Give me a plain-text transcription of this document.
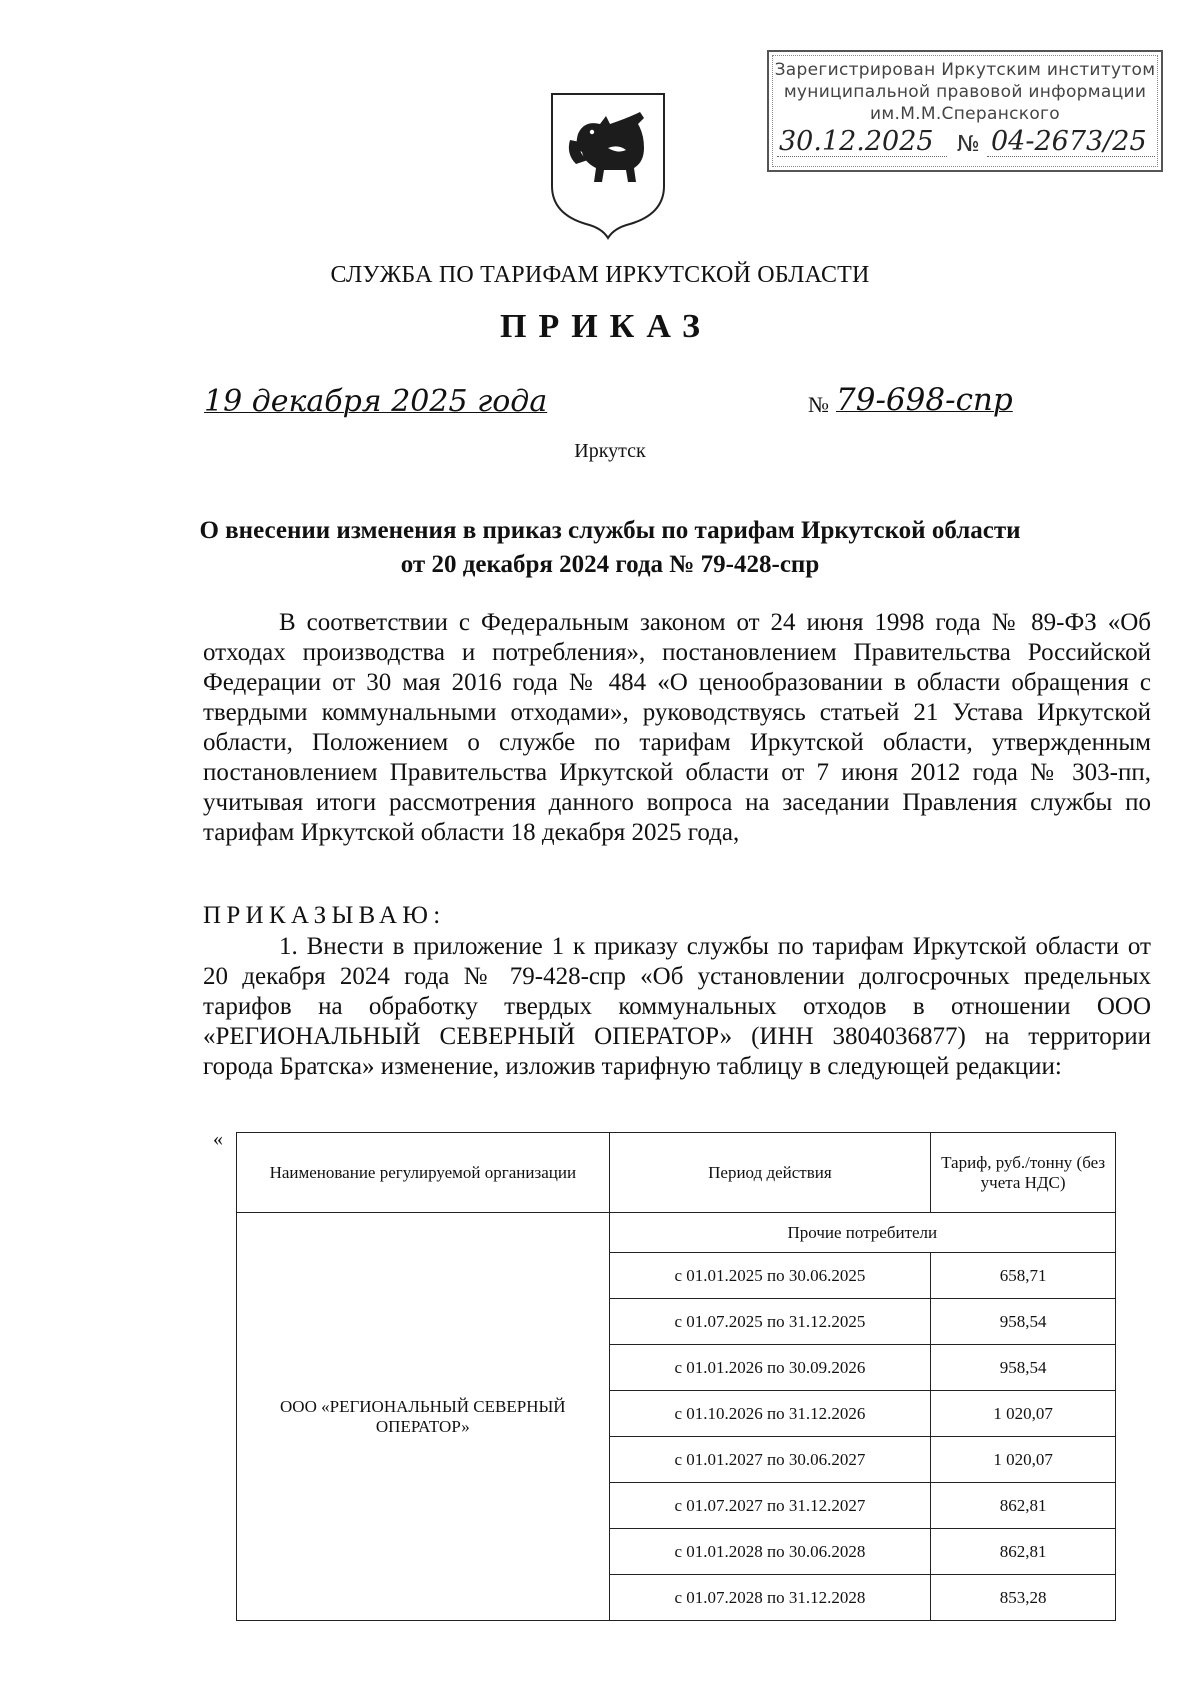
Зарегистрирован Иркутским институтом
муниципальной правовой информации
им.М.М.Сперанского
30.12.2025 № 04-2673/25
СЛУЖБА ПО ТАРИФАМ ИРКУТСКОЙ ОБЛАСТИ
ПРИКАЗ
19 декабря 2025 года	№ 79-698-спр
Иркутск
О внесении изменения в приказ службы по тарифам Иркутской области
от 20 декабря 2024 года № 79-428-спр

В соответствии с Федеральным законом от 24 июня 1998 года № 89-ФЗ «Об отходах производства и потребления», постановлением Правительства Российской Федерации от 30 мая 2016 года № 484 «О ценообразовании в области обращения с твердыми коммунальными отходами», руководствуясь статьей 21 Устава Иркутской области, Положением о службе по тарифам Иркутской области, утвержденным постановлением Правительства Иркутской области от 7 июня 2012 года № 303-пп, учитывая итоги рассмотрения данного вопроса на заседании Правления службы по тарифам Иркутской области 18 декабря 2025 года,

ПРИКАЗЫВАЮ:

1. Внести в приложение 1 к приказу службы по тарифам Иркутской области от 20 декабря 2024 года № 79-428-спр «Об установлении долгосрочных предельных тарифов на обработку твердых коммунальных отходов в отношении ООО «РЕГИОНАЛЬНЫЙ СЕВЕРНЫЙ ОПЕРАТОР» (ИНН 3804036877) на территории города Братска» изменение, изложив тарифную таблицу в следующей редакции:

«
Наименование регулируемой организации	Период действия	Тариф, руб./тонну (без учета НДС)
ООО «РЕГИОНАЛЬНЫЙ СЕВЕРНЫЙ ОПЕРАТОР»	Прочие потребители	
	с 01.01.2025 по 30.06.2025	658,71
	с 01.07.2025 по 31.12.2025	958,54
	с 01.01.2026 по 30.09.2026	958,54
	с 01.10.2026 по 31.12.2026	1 020,07
	с 01.01.2027 по 30.06.2027	1 020,07
	с 01.07.2027 по 31.12.2027	862,81
	с 01.01.2028 по 30.06.2028	862,81
	с 01.07.2028 по 31.12.2028	853,28
